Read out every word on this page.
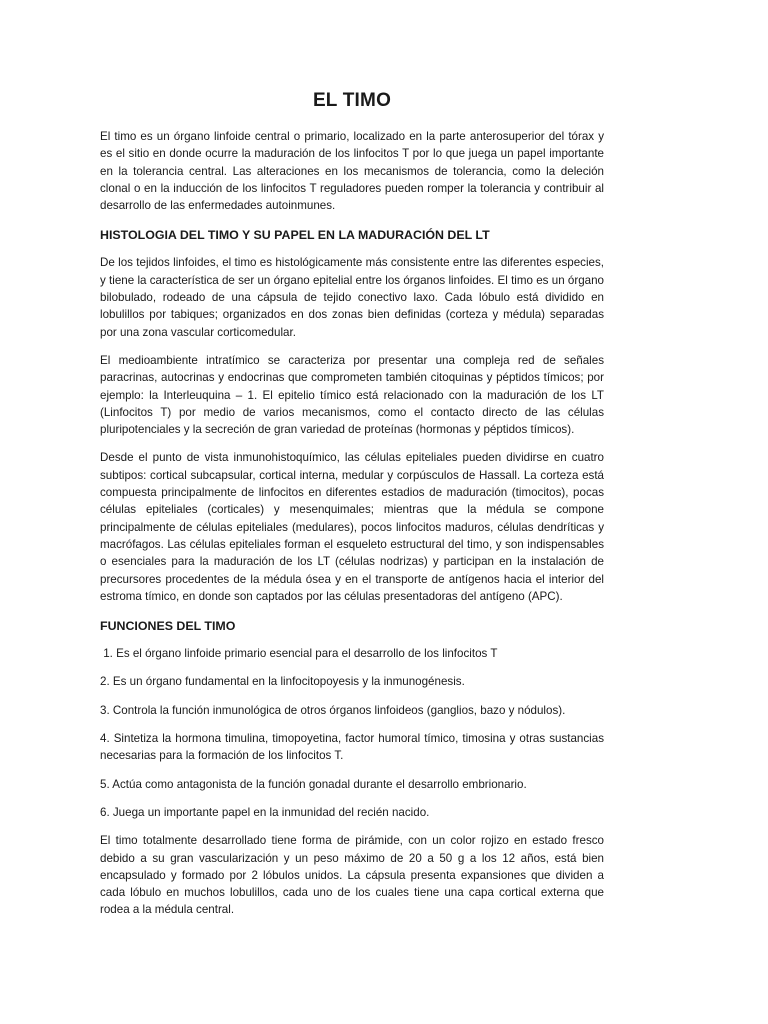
EL TIMO

El timo es un órgano linfoide central o primario, localizado en la parte anterosuperior del tórax y es el sitio en donde ocurre la maduración de los linfocitos T por lo que juega un papel importante en la tolerancia central. Las alteraciones en los mecanismos de tolerancia, como la deleción clonal o en la inducción de los linfocitos T reguladores pueden romper la tolerancia y contribuir al desarrollo de las enfermedades autoinmunes.

HISTOLOGIA DEL TIMO Y SU PAPEL EN LA MADURACIÓN DEL LT

De los tejidos linfoides, el timo es histológicamente más consistente entre las diferentes especies, y tiene la característica de ser un órgano epitelial entre los órganos linfoides. El timo es un órgano bilobulado, rodeado de una cápsula de tejido conectivo laxo. Cada lóbulo está dividido en lobulillos por tabiques; organizados en dos zonas bien definidas (corteza y médula) separadas por una zona vascular corticomedular.

El medioambiente intratímico se caracteriza por presentar una compleja red de señales paracrinas, autocrinas y endocrinas que comprometen también citoquinas y péptidos tímicos; por ejemplo: la Interleuquina – 1. El epitelio tímico está relacionado con la maduración de los LT (Linfocitos T) por medio de varios mecanismos, como el contacto directo de las células pluripotenciales y la secreción de gran variedad de proteínas (hormonas y péptidos tímicos).

Desde el punto de vista inmunohistoquímico, las células epiteliales pueden dividirse en cuatro subtipos: cortical subcapsular, cortical interna, medular y corpúsculos de Hassall. La corteza está compuesta principalmente de linfocitos en diferentes estadios de maduración (timocitos), pocas células epiteliales (corticales) y mesenquimales; mientras que la médula se compone principalmente de células epiteliales (medulares), pocos linfocitos maduros, células dendríticas y macrófagos. Las células epiteliales forman el esqueleto estructural del timo, y son indispensables o esenciales para la maduración de los LT (células nodrizas) y participan en la instalación de precursores procedentes de la médula ósea y en el transporte de antígenos hacia el interior del estroma tímico, en donde son captados por las células presentadoras del antígeno (APC).

FUNCIONES DEL TIMO

1. Es el órgano linfoide primario esencial para el desarrollo de los linfocitos T

2. Es un órgano fundamental en la linfocitopoyesis y la inmunogénesis.

3. Controla la función inmunológica de otros órganos linfoideos (ganglios, bazo y nódulos).

4. Sintetiza la hormona timulina, timopoyetina, factor humoral tímico, timosina y otras sustancias necesarias para la formación de los linfocitos T.

5. Actúa como antagonista de la función gonadal durante el desarrollo embrionario.

6. Juega un importante papel en la inmunidad del recién nacido.

El timo totalmente desarrollado tiene forma de pirámide, con un color rojizo en estado fresco debido a su gran vascularización y un peso máximo de 20 a 50 g a los 12 años, está bien encapsulado y formado por 2 lóbulos unidos. La cápsula presenta expansiones que dividen a cada lóbulo en muchos lobulillos, cada uno de los cuales tiene una capa cortical externa que rodea a la médula central.
